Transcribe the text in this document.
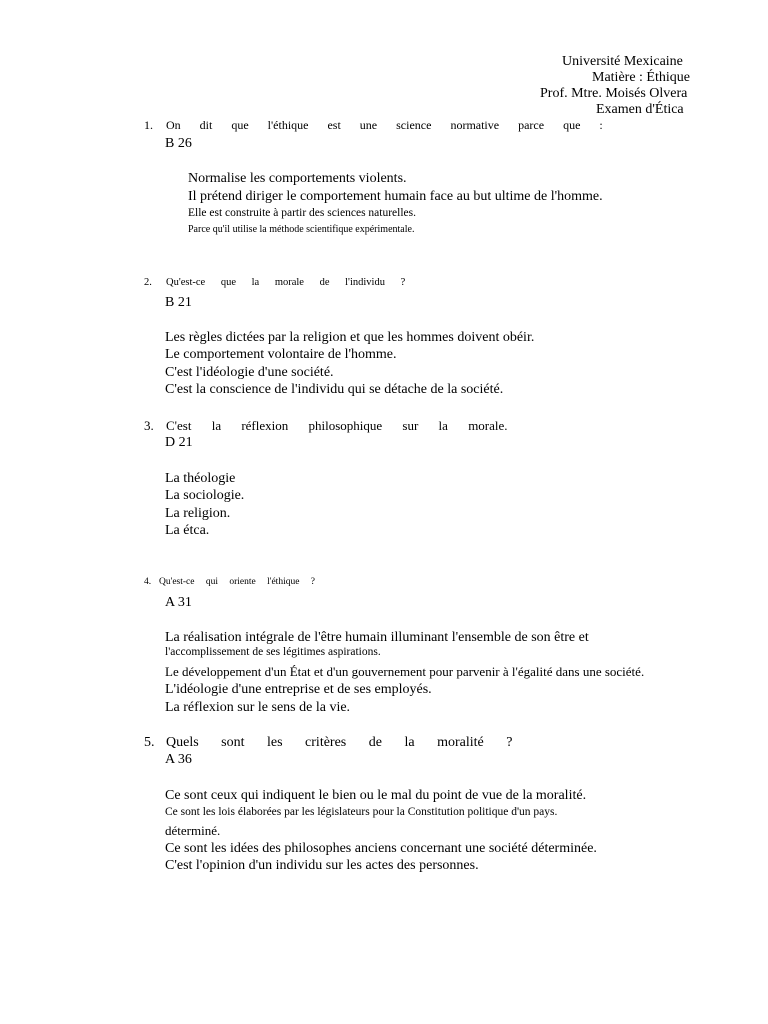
Université Mexicaine
Matière : Éthique
Prof. Mtre. Moisés Olvera
Examen d'Ética
1. On dit que l'éthique est une science normative parce que :
B 26
Normalise les comportements violents.
Il prétend diriger le comportement humain face au but ultime de l'homme.
Elle est construite à partir des sciences naturelles.
Parce qu'il utilise la méthode scientifique expérimentale.
2. Qu'est-ce que la morale de l'individu ?
B 21
Les règles dictées par la religion et que les hommes doivent obéir.
Le comportement volontaire de l'homme.
C'est l'idéologie d'une société.
C'est la conscience de l'individu qui se détache de la société.
3. C'est la réflexion philosophique sur la morale.
D 21
La théologie
La sociologie.
La religion.
La étca.
4. Qu'est-ce qui oriente l'éthique ?
A 31
La réalisation intégrale de l'être humain illuminant l'ensemble de son être et
l'accomplissement de ses légitimes aspirations.
Le développement d'un État et d'un gouvernement pour parvenir à l'égalité dans une société.
L'idéologie d'une entreprise et de ses employés.
La réflexion sur le sens de la vie.
5. Quels sont les critères de la moralité ?
A 36
Ce sont ceux qui indiquent le bien ou le mal du point de vue de la moralité.
Ce sont les lois élaborées par les législateurs pour la Constitution politique d'un pays.
déterminé.
Ce sont les idées des philosophes anciens concernant une société déterminée.
C'est l'opinion d'un individu sur les actes des personnes.
